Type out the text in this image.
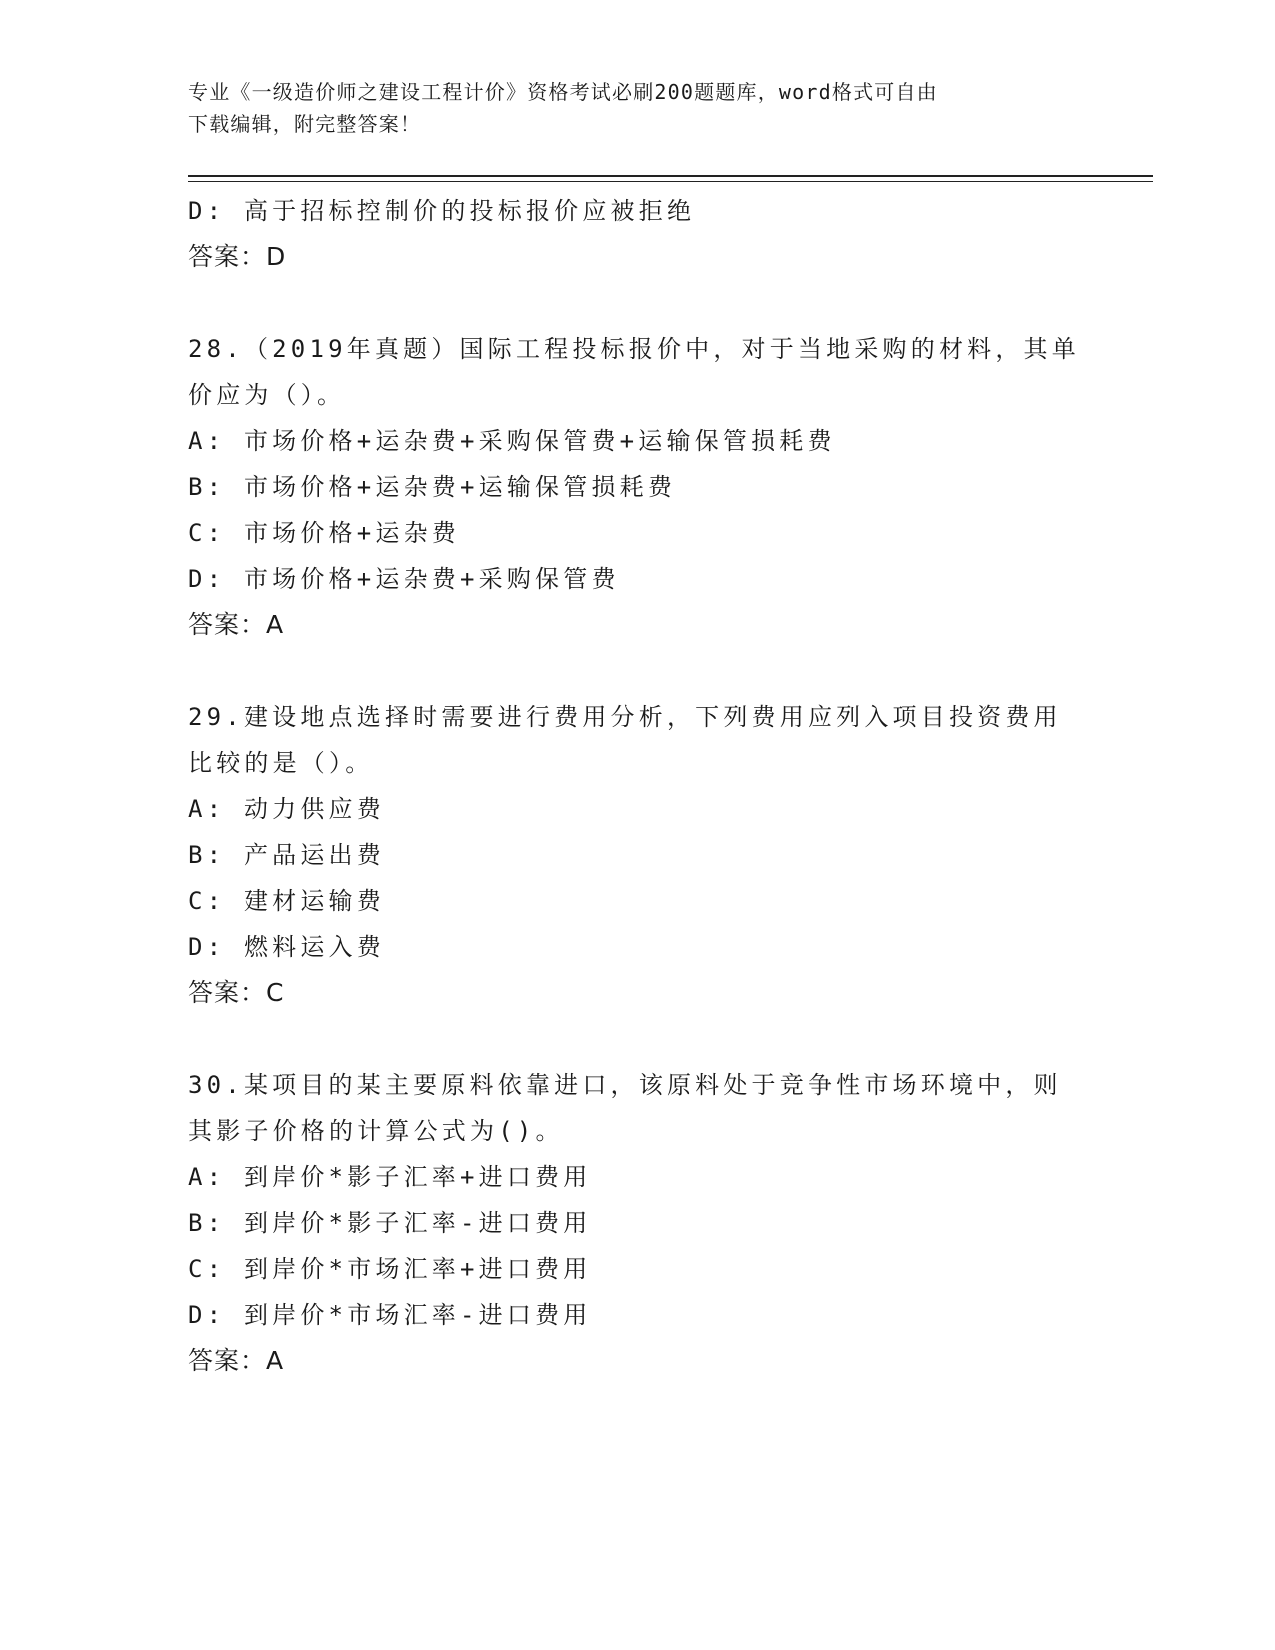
专业《一级造价师之建设工程计价》资格考试必刷200题题库，word格式可自由
下载编辑，附完整答案！
D: 高于招标控制价的投标报价应被拒绝
答案：D
28.（2019年真题）国际工程投标报价中，对于当地采购的材料，其单
价应为（）。
A: 市场价格+运杂费+采购保管费+运输保管损耗费
B: 市场价格+运杂费+运输保管损耗费
C: 市场价格+运杂费
D: 市场价格+运杂费+采购保管费
答案：A
29.建设地点选择时需要进行费用分析，下列费用应列入项目投资费用
比较的是（）。
A: 动力供应费
B: 产品运出费
C: 建材运输费
D: 燃料运入费
答案：C
30.某项目的某主要原料依靠进口，该原料处于竞争性市场环境中，则
其影子价格的计算公式为()。
A: 到岸价*影子汇率+进口费用
B: 到岸价*影子汇率-进口费用
C: 到岸价*市场汇率+进口费用
D: 到岸价*市场汇率-进口费用
答案：A
